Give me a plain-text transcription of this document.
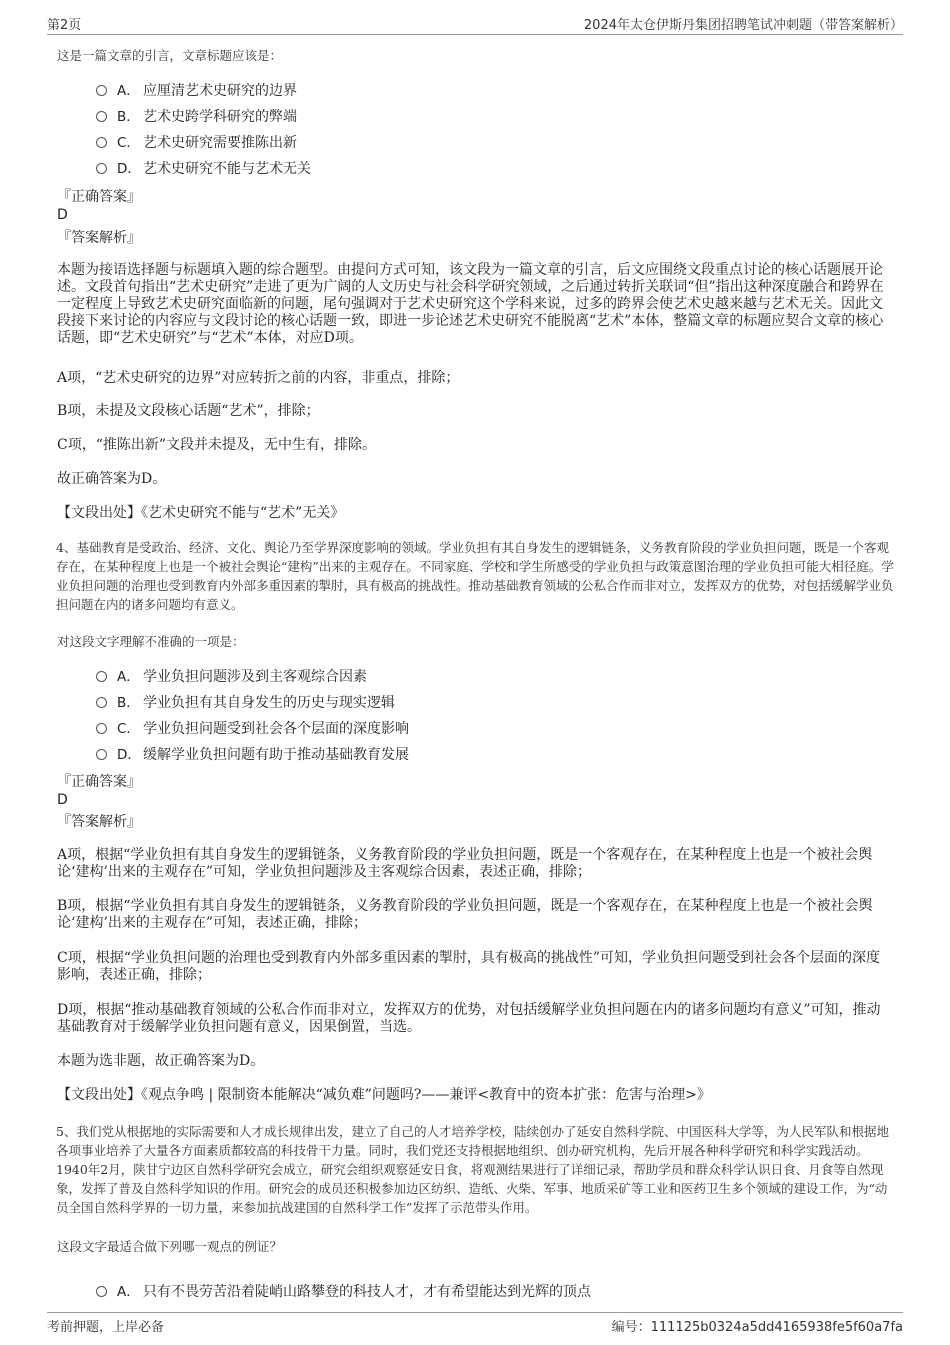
第2页	2024年太仓伊斯丹集团招聘笔试冲刺题（带答案解析）
这是一篇文章的引言，文章标题应该是：
A． 应厘清艺术史研究的边界
B． 艺术史跨学科研究的弊端
C． 艺术史研究需要推陈出新
D． 艺术史研究不能与艺术无关
『正确答案』
D
『答案解析』
本题为接语选择题与标题填入题的综合题型。由提问方式可知，该文段为一篇文章的引言，后文应围绕文段重点讨论的核心话题展开论述。文段首句指出“艺术史研究”走进了更为广阔的人文历史与社会科学研究领域，之后通过转折关联词“但”指出这种深度融合和跨界在一定程度上导致艺术史研究面临新的问题，尾句强调对于艺术史研究这个学科来说，过多的跨界会使艺术史越来越与艺术无关。因此文段接下来讨论的内容应与文段讨论的核心话题一致，即进一步论述艺术史研究不能脱离“艺术”本体，整篇文章的标题应契合文章的核心话题，即“艺术史研究”与“艺术”本体，对应D项。
A项，“艺术史研究的边界”对应转折之前的内容，非重点，排除；
B项，未提及文段核心话题“艺术”，排除；
C项，“推陈出新”文段并未提及，无中生有，排除。
故正确答案为D。
【文段出处】《艺术史研究不能与“艺术”无关》
4、基础教育是受政治、经济、文化、舆论乃至学界深度影响的领域。学业负担有其自身发生的逻辑链条，义务教育阶段的学业负担问题，既是一个客观存在，在某种程度上也是一个被社会舆论“建构”出来的主观存在。不同家庭、学校和学生所感受的学业负担与政策意图治理的学业负担可能大相径庭。学业负担问题的治理也受到教育内外部多重因素的掣肘，具有极高的挑战性。推动基础教育领域的公私合作而非对立，发挥双方的优势，对包括缓解学业负担问题在内的诸多问题均有意义。
对这段文字理解不准确的一项是：
A． 学业负担问题涉及到主客观综合因素
B． 学业负担有其自身发生的历史与现实逻辑
C． 学业负担问题受到社会各个层面的深度影响
D． 缓解学业负担问题有助于推动基础教育发展
『正确答案』
D
『答案解析』
A项，根据“学业负担有其自身发生的逻辑链条，义务教育阶段的学业负担问题，既是一个客观存在，在某种程度上也是一个被社会舆论‘建构’出来的主观存在”可知，学业负担问题涉及主客观综合因素，表述正确，排除；
B项，根据“学业负担有其自身发生的逻辑链条，义务教育阶段的学业负担问题，既是一个客观存在，在某种程度上也是一个被社会舆论‘建构’出来的主观存在”可知，表述正确，排除；
C项，根据“学业负担问题的治理也受到教育内外部多重因素的掣肘，具有极高的挑战性”可知，学业负担问题受到社会各个层面的深度影响，表述正确，排除；
D项，根据“推动基础教育领域的公私合作而非对立，发挥双方的优势，对包括缓解学业负担问题在内的诸多问题均有意义”可知，推动基础教育对于缓解学业负担问题有意义，因果倒置，当选。
本题为选非题，故正确答案为D。
【文段出处】《观点争鸣 | 限制资本能解决“减负难”问题吗?——兼评<教育中的资本扩张：危害与治理>》
5、我们党从根据地的实际需要和人才成长规律出发，建立了自己的人才培养学校，陆续创办了延安自然科学院、中国医科大学等，为人民军队和根据地各项事业培养了大量各方面素质都较高的科技骨干力量。同时，我们党还支持根据地组织、创办研究机构，先后开展各种科学研究和科学实践活动。1940年2月，陕甘宁边区自然科学研究会成立，研究会组织观察延安日食，将观测结果进行了详细记录，帮助学员和群众科学认识日食、月食等自然现象，发挥了普及自然科学知识的作用。研究会的成员还积极参加边区纺织、造纸、火柴、军事、地质采矿等工业和医药卫生多个领域的建设工作，为“动员全国自然科学界的一切力量，来参加抗战建国的自然科学工作”发挥了示范带头作用。
这段文字最适合做下列哪一观点的例证？
A． 只有不畏劳苦沿着陡峭山路攀登的科技人才，才有希望能达到光辉的顶点
考前押题，上岸必备	编号：111125b0324a5dd4165938fe5f60a7fa
